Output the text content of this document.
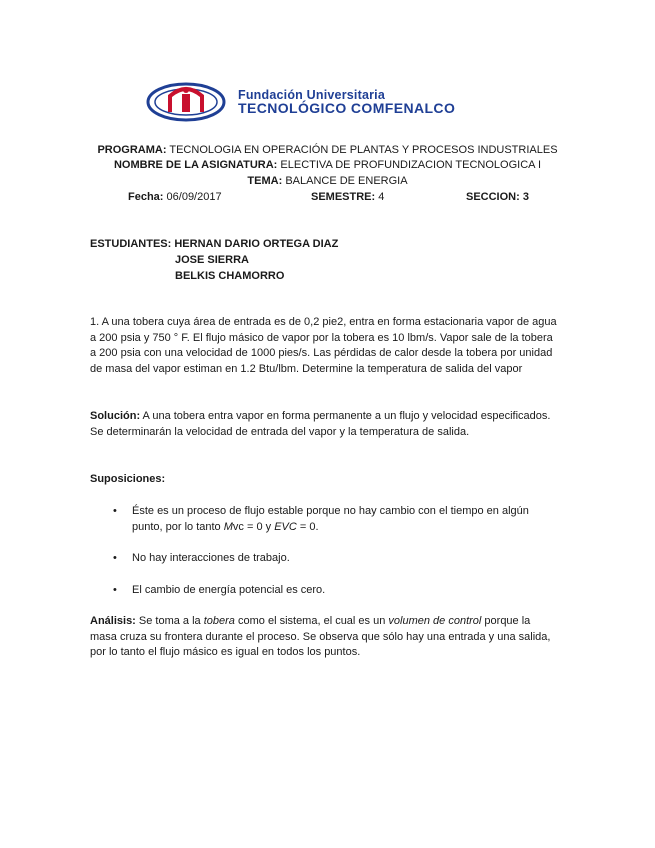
Fundación Universitaria
TECNOLÓGICO COMFENALCO
PROGRAMA: TECNOLOGIA EN OPERACIÓN DE PLANTAS Y PROCESOS INDUSTRIALES
NOMBRE DE LA ASIGNATURA: ELECTIVA DE PROFUNDIZACION TECNOLOGICA I
TEMA: BALANCE DE ENERGIA
Fecha: 06/09/2017	SEMESTRE: 4	SECCION: 3
ESTUDIANTES: HERNAN DARIO ORTEGA DIAZ
JOSE SIERRA
BELKIS CHAMORRO
1. A una tobera cuya área de entrada es de 0,2 pie2, entra en forma estacionaria vapor de agua a 200 psia y 750 ° F. El flujo másico de vapor por la tobera es 10 lbm/s. Vapor sale de la tobera a 200 psia con una velocidad de 1000 pies/s. Las pérdidas de calor desde la tobera por unidad de masa del vapor estiman en 1.2 Btu/lbm. Determine la temperatura de salida del vapor
Solución: A una tobera entra vapor en forma permanente a un flujo y velocidad especificados. Se determinarán la velocidad de entrada del vapor y la temperatura de salida.
Suposiciones:
• Éste es un proceso de flujo estable porque no hay cambio con el tiempo en algún punto, por lo tanto Mvc = 0 y EVC = 0.
• No hay interacciones de trabajo.
• El cambio de energía potencial es cero.
Análisis: Se toma a la tobera como el sistema, el cual es un volumen de control porque la masa cruza su frontera durante el proceso. Se observa que sólo hay una entrada y una salida, por lo tanto el flujo másico es igual en todos los puntos.
